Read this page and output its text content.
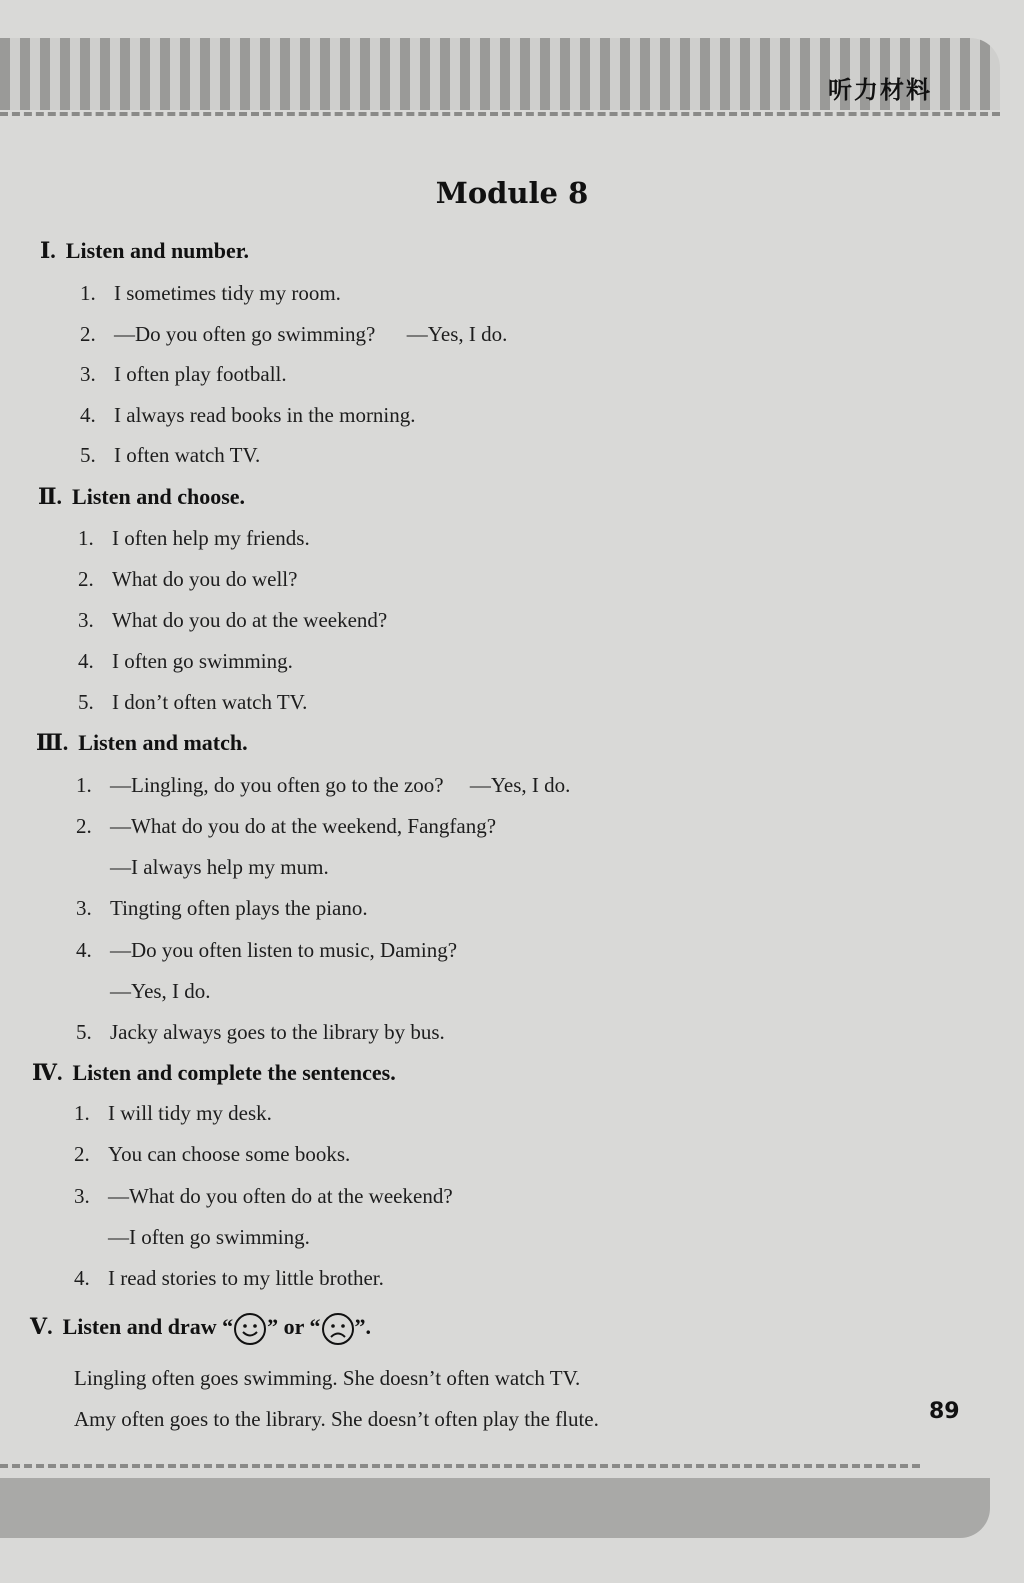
听力材料
Module 8
Ⅰ. Listen and number.
1. I sometimes tidy my room.
2. —Do you often go swimming?      —Yes, I do.
3. I often play football.
4. I always read books in the morning.
5. I often watch TV.
Ⅱ. Listen and choose.
1. I often help my friends.
2. What do you do well?
3. What do you do at the weekend?
4. I often go swimming.
5. I don’t often watch TV.
Ⅲ. Listen and match.
1. —Lingling, do you often go to the zoo?     —Yes, I do.
2. —What do you do at the weekend, Fangfang?
—I always help my mum.
3. Tingting often plays the piano.
4. —Do you often listen to music, Daming?
—Yes, I do.
5. Jacky always goes to the library by bus.
Ⅳ. Listen and complete the sentences.
1. I will tidy my desk.
2. You can choose some books.
3. —What do you often do at the weekend?
—I often go swimming.
4. I read stories to my little brother.
Ⅴ. Listen and draw “ ” or “ ”.
Lingling often goes swimming. She doesn’t often watch TV.
Amy often goes to the library. She doesn’t often play the flute.	89
